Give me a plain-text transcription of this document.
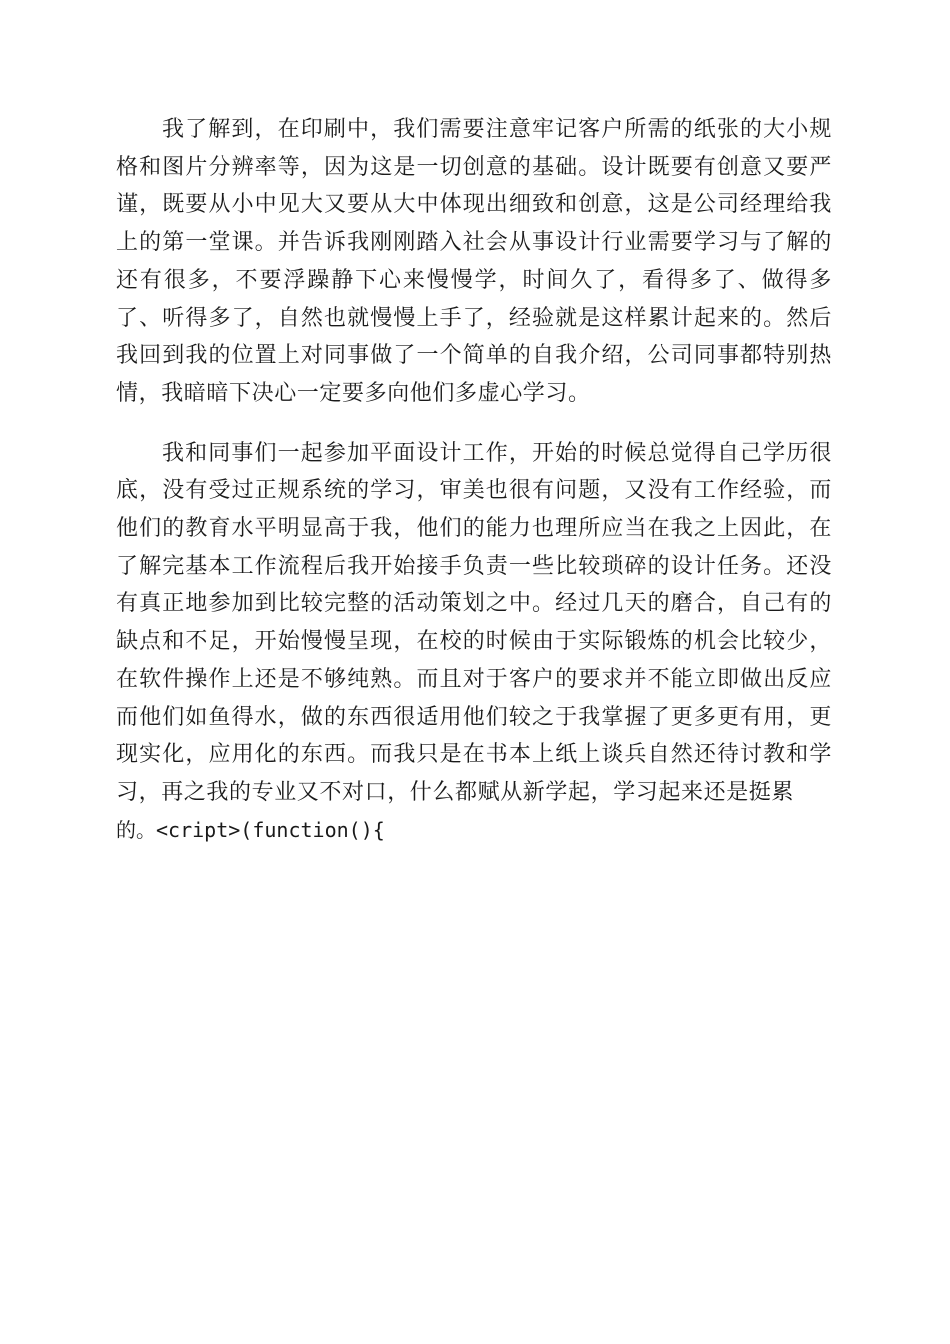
我了解到，在印刷中，我们需要注意牢记客户所需的纸张的大小规格和图片分辨率等，因为这是一切创意的基础。设计既要有创意又要严谨，既要从小中见大又要从大中体现出细致和创意，这是公司经理给我上的第一堂课。并告诉我刚刚踏入社会从事设计行业需要学习与了解的还有很多，不要浮躁静下心来慢慢学，时间久了，看得多了、做得多了、听得多了，自然也就慢慢上手了，经验就是这样累计起来的。然后我回到我的位置上对同事做了一个简单的自我介绍，公司同事都特别热情，我暗暗下决心一定要多向他们多虚心学习。

我和同事们一起参加平面设计工作，开始的时候总觉得自己学历很底，没有受过正规系统的学习，审美也很有问题，又没有工作经验，而他们的教育水平明显高于我，他们的能力也理所应当在我之上因此，在了解完基本工作流程后我开始接手负责一些比较琐碎的设计任务。还没有真正地参加到比较完整的活动策划之中。经过几天的磨合，自己有的缺点和不足，开始慢慢呈现，在校的时候由于实际锻炼的机会比较少，在软件操作上还是不够纯熟。而且对于客户的要求并不能立即做出反应而他们如鱼得水，做的东西很适用他们较之于我掌握了更多更有用，更现实化，应用化的东西。而我只是在书本上纸上谈兵自然还待讨教和学习，再之我的专业又不对口，什么都赋从新学起，学习起来还是挺累
的。<cript>(function(){
